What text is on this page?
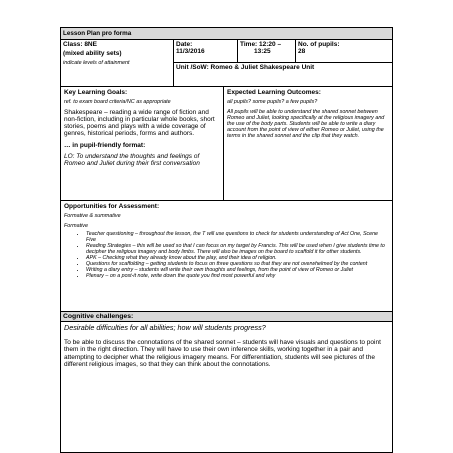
Lesson Plan pro forma

Class: 8NE

(mixed ability sets)

indicate levels of attainment

Date:

11/3/2016

Time: 12:20 –

13:25

No. of pupils:

28

Unit /SoW: Romeo & Juliet Shakespeare Unit

Key Learning Goals:

ref. to exam board criteria/NC as appropriate

Shakespeare – reading a wide range of fiction and non-fiction, including in particular whole books, short stories, poems and plays with a wide coverage of genres, historical periods, forms and authors.

… in pupil-friendly format:

LO: To understand the thoughts and feelings of Romeo and Juliet during their first conversation

Expected Learning Outcomes:

all pupils? some pupils? a few pupils?

All pupils will be able to understand the shared sonnet between Romeo and Juliet, looking specifically at the religious imagery and the use of the body parts. Students will be able to write a diary account from the point of view of either Romeo or Juliet, using the terms in the shared sonnet and the clip that they watch.

Opportunities for Assessment:

Formative & summative

Formative

• Teacher questioning – throughout the lesson, the T will use questions to check for students understanding of Act One, Scene Five
• Reading Strategies – this will be used so that I can focus on my target by Francis. This will be used when I give students time to decipher the religious imagery and body limbs. There will also be images on the board to scaffold it for other students.
• APK – Checking what they already know about the play, and their idea of religion.
• Questions for scaffolding – getting students to focus on three questions so that they are not overwhelmed by the content
• Writing a diary entry – students will write their own thoughts and feelings, from the point of view of Romeo or Juliet
• Plenary – on a post-it note, write down the quote you find most powerful and why
Cognitive challenges:

Desirable difficulties for all abilities; how will students progress?

To be able to discuss the connotations of the shared sonnet – students will have visuals and questions to point them in the right direction. They will have to use their own inference skills, working together in a pair and attempting to decipher what the religious imagery means. For differentiation, students will see pictures of the different religious images, so that they can think about the connotations.
